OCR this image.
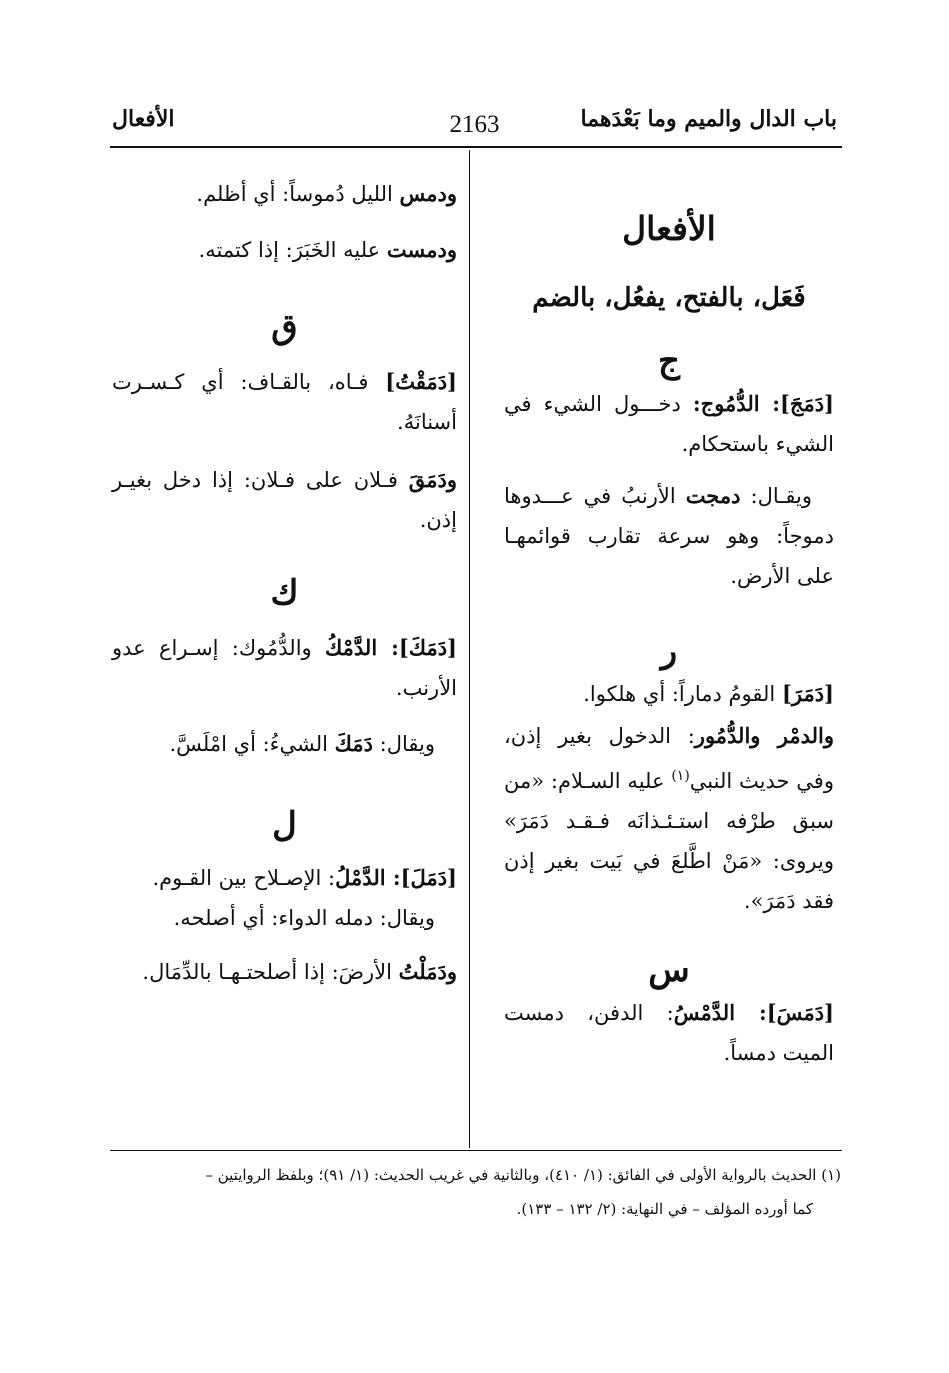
باب الدال والميم وما بَعْدَهما
2163
الأفعال

الأفعال

فَعَل، بالفتح، يفعُل، بالضم

ج

[دَمَجَ]: الدُّمُوج: دخـــول الشيء في الشيء باستحكام.

ويقـال: دمجت الأرنبُ في عـــدوها دموجاً: وهو سرعة تقارب قوائمهـا على الأرض.

ر

[دَمَرَ] القومُ دماراً: أي هلكوا.

والدمْر والدُّمُور: الدخول بغير إذن، وفي حديث النبي$^{(١)}$ عليه السـلام: «من سبق طرْفه استـئـذانَه فـقـد دَمَرَ» ويروى: «مَنْ اطَّلعَ في بَيت بغير إذن فقد دَمَرَ».

س

[دَمَسَ]: الدَّمْسُ: الدفن، دمست الميت دمساً.

ودمس الليل دُموساً: أي أظلم.

ودمست عليه الخَبَرَ: إذا كتمته.

ق

[دَمَقْتُ] فـاه، بالقـاف: أي كـسـرت أسنانَهُ.

ودَمَقَ فـلان على فـلان: إذا دخل بغيـر إذن.

ك

[دَمَكَ]: الدَّمْكُ والدُّمُوك: إسـراع عدو الأرنب.

ويقال: دَمَكَ الشيءُ: أي امْلَسَّ.

ل

[دَمَلَ]: الدَّمْلُ: الإصـلاح بين القـوم.

ويقال: دمله الدواء: أي أصلحه.

ودَمَلْتُ الأرضَ: إذا أصلحتـهـا بالدِّمَال.

(١) الحديث بالرواية الأولى في الفائق: (١/ ٤١٠)، وبالثانية في غريب الحديث: (١/ ٩١)؛ وبلفظ الروايتين –

كما أورده المؤلف – في النهاية: (٢/ ١٣٢ – ١٣٣).
